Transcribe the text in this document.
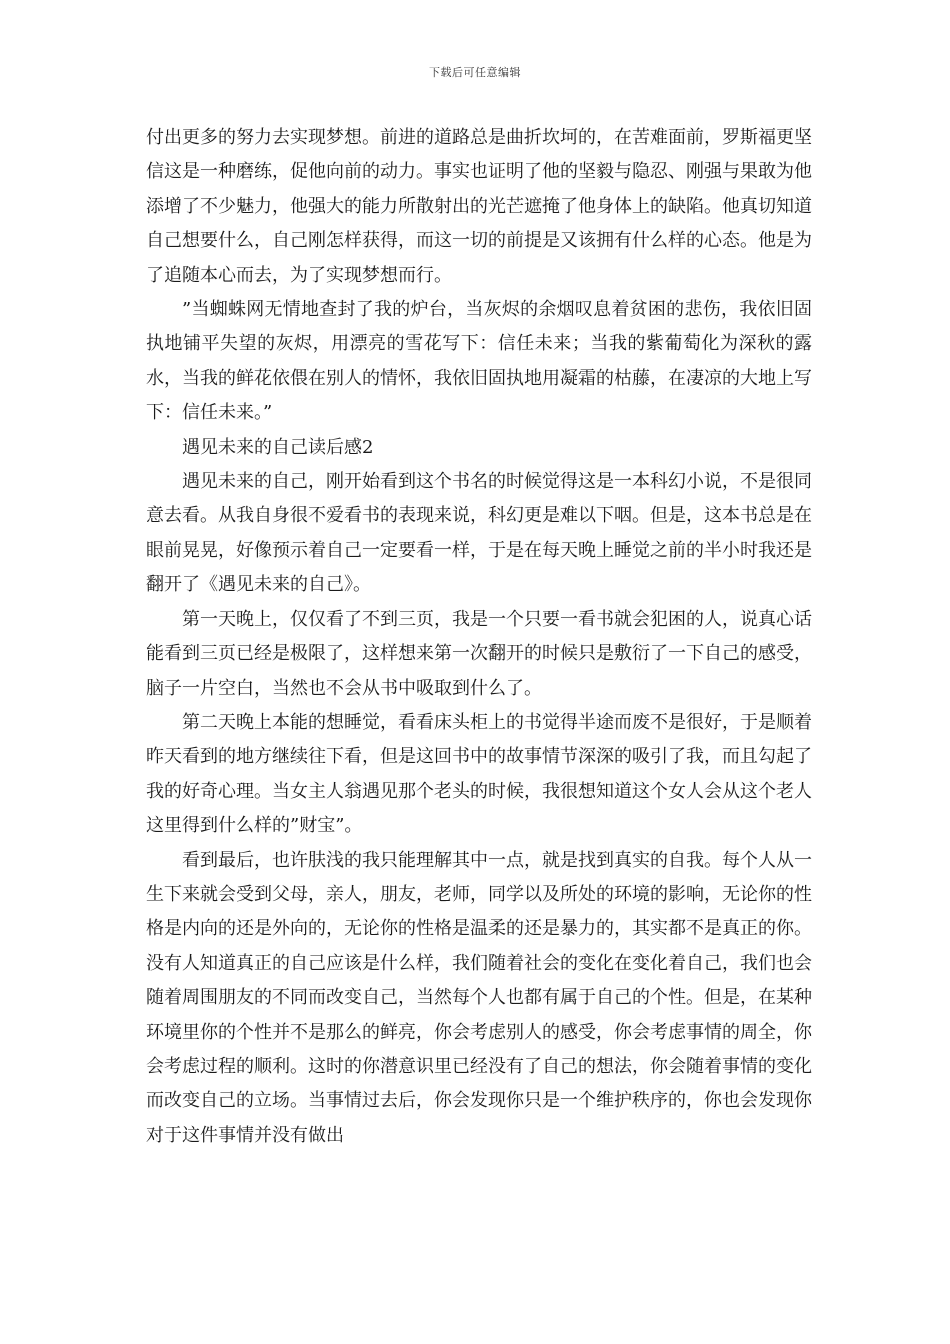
下载后可任意编辑

付出更多的努力去实现梦想。前进的道路总是曲折坎坷的，在苦难面前，罗斯福更坚信这是一种磨练，促他向前的动力。事实也证明了他的坚毅与隐忍、刚强与果敢为他添增了不少魅力，他强大的能力所散射出的光芒遮掩了他身体上的缺陷。他真切知道自己想要什么，自己刚怎样获得，而这一切的前提是又该拥有什么样的心态。他是为了追随本心而去，为了实现梦想而行。

”当蜘蛛网无情地查封了我的炉台，当灰烬的余烟叹息着贫困的悲伤，我依旧固执地铺平失望的灰烬，用漂亮的雪花写下：信任未来；当我的紫葡萄化为深秋的露水，当我的鲜花依偎在别人的情怀，我依旧固执地用凝霜的枯藤，在凄凉的大地上写下：信任未来。”

遇见未来的自己读后感2

遇见未来的自己，刚开始看到这个书名的时候觉得这是一本科幻小说，不是很同意去看。从我自身很不爱看书的表现来说，科幻更是难以下咽。但是，这本书总是在眼前晃晃，好像预示着自己一定要看一样，于是在每天晚上睡觉之前的半小时我还是翻开了《遇见未来的自己》。

第一天晚上，仅仅看了不到三页，我是一个只要一看书就会犯困的人，说真心话能看到三页已经是极限了，这样想来第一次翻开的时候只是敷衍了一下自己的感受，脑子一片空白，当然也不会从书中吸取到什么了。

第二天晚上本能的想睡觉，看看床头柜上的书觉得半途而废不是很好，于是顺着昨天看到的地方继续往下看，但是这回书中的故事情节深深的吸引了我，而且勾起了我的好奇心理。当女主人翁遇见那个老头的时候，我很想知道这个女人会从这个老人这里得到什么样的”财宝”。

看到最后，也许肤浅的我只能理解其中一点，就是找到真实的自我。每个人从一生下来就会受到父母，亲人，朋友，老师，同学以及所处的环境的影响，无论你的性格是内向的还是外向的，无论你的性格是温柔的还是暴力的，其实都不是真正的你。没有人知道真正的自己应该是什么样，我们随着社会的变化在变化着自己，我们也会随着周围朋友的不同而改变自己，当然每个人也都有属于自己的个性。但是，在某种环境里你的个性并不是那么的鲜亮，你会考虑别人的感受，你会考虑事情的周全，你会考虑过程的顺利。这时的你潜意识里已经没有了自己的想法，你会随着事情的变化而改变自己的立场。当事情过去后，你会发现你只是一个维护秩序的，你也会发现你对于这件事情并没有做出
